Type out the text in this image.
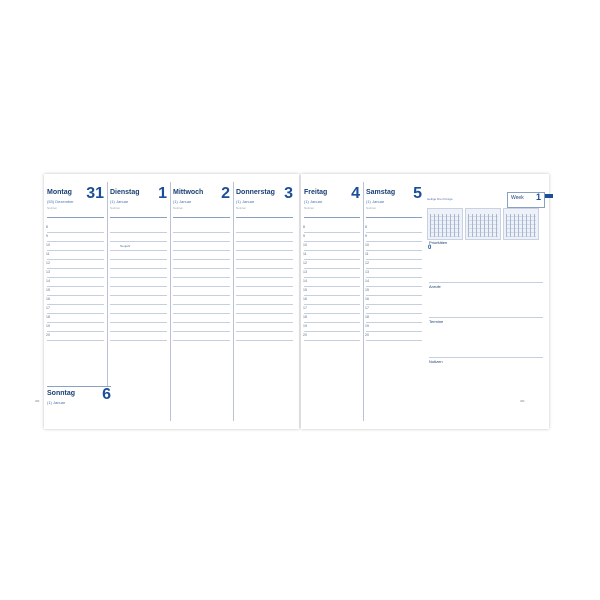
Montag 31
(53) Dezember
Notizen
8
9
10
11
12
13
14
15
16
17
18
19
20
Dienstag 1
(1) Januar
Notizen
Mittwoch 2
(1) Januar
Notizen
Donnerstag 3
(1) Januar
Notizen
Sonntag 6
(1) Januar
Neujahr
Freitag 4
(1) Januar
Notizen
8
9
10
11
12
13
14
15
16
17
18
19
20
Samstag 5
(1) Januar
Notizen
8
9
10
11
12
13
14
15
16
17
18
19
20
Week 1
Heilige Drei Könige
Prioritäten
0
Anrufe
Termine
Notizen
• • • • • • •	• • • • • • •
